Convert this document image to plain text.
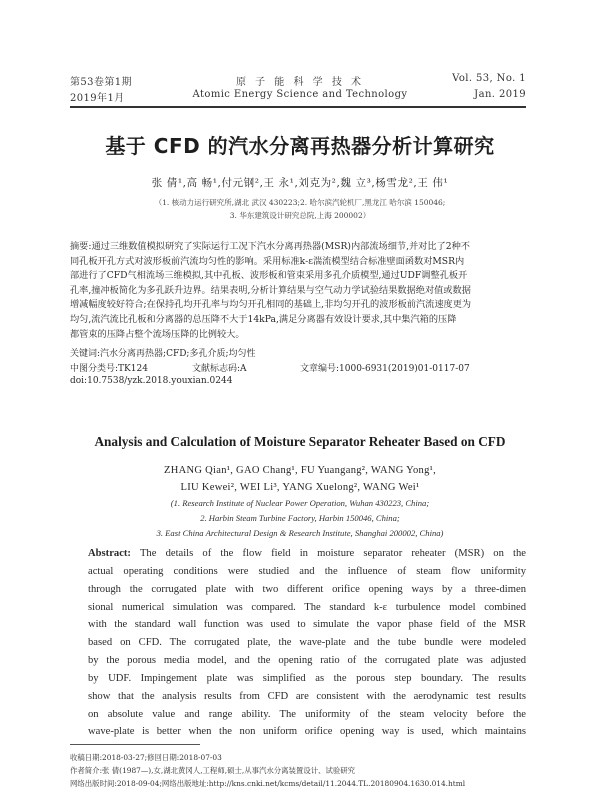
第53卷第1期
2019年1月
原 子 能 科 学 技 术
Atomic Energy Science and Technology
Vol. 53, No. 1
Jan. 2019
基于 CFD 的汽水分离再热器分析计算研究
张 倩¹,高 畅¹,付元钢²,王 永¹,刘克为²,魏 立³,杨雪龙²,王 伟¹
（1. 核动力运行研究所,湖北 武汉 430223;2. 哈尔滨汽轮机厂,黑龙江 哈尔滨 150046;
3. 华东建筑设计研究总院,上海 200002）
摘要:通过三维数值模拟研究了实际运行工况下汽水分离再热器(MSR)内部流场细节,并对比了2种不
同孔板开孔方式对波形板前汽流均匀性的影响。采用标准k-ε湍流模型结合标准壁面函数对MSR内
部进行了CFD气相流场三维模拟,其中孔板、波形板和管束采用多孔介质模型,通过UDF调整孔板开
孔率,撞冲板简化为多孔跃升边界。结果表明,分析计算结果与空气动力学试验结果数据绝对值或数据
增减幅度较好符合;在保持孔均开孔率与均匀开孔相同的基础上,非均匀开孔的波形板前汽流速度更为
均匀,流汽流比孔板和分离器的总压降不大于14kPa,满足分离器有效设计要求,其中集汽箱的压降
都管束的压降占整个流场压降的比例较大。
关键词:汽水分离再热器;CFD;多孔介质;均匀性
中图分类号:TK124	文献标志码:A	文章编号:1000-6931(2019)01-0117-07
doi:10.7538/yzk.2018.youxian.0244
Analysis and Calculation of Moisture Separator Reheater Based on CFD
ZHANG Qian¹, GAO Chang¹, FU Yuangang², WANG Yong¹,
LIU Kewei², WEI Li³, YANG Xuelong², WANG Wei¹
(1. Research Institute of Nuclear Power Operation, Wuhan 430223, China;
2. Harbin Steam Turbine Factory, Harbin 150046, China;
3. East China Architectural Design & Research Institute, Shanghai 200002, China)
Abstract: The details of the flow field in moisture separator reheater (MSR) on the
actual operating conditions were studied and the influence of steam flow uniformity
through the corrugated plate with two different orifice opening ways by a three-dimen
sional numerical simulation was compared. The standard k-ε turbulence model combined
with the standard wall function was used to simulate the vapor phase field of the MSR
based on CFD. The corrugated plate, the wave-plate and the tube bundle were modeled
by the porous media model, and the opening ratio of the corrugated plate was adjusted
by UDF. Impingement plate was simplified as the porous step boundary. The results
show that the analysis results from CFD are consistent with the aerodynamic test results
on absolute value and range ability. The uniformity of the steam velocity before the
wave-plate is better when the non uniform orifice opening way is used, which maintains
收稿日期:2018-03-27;修回日期:2018-07-03
作者简介:张 倩(1987—),女,湖北黄冈人,工程师,硕士,从事汽水分离装置设计、试验研究
网络出版时间:2018-09-04;网络出版地址:http://kns.cnki.net/kcms/detail/11.2044.TL.20180904.1630.014.html
